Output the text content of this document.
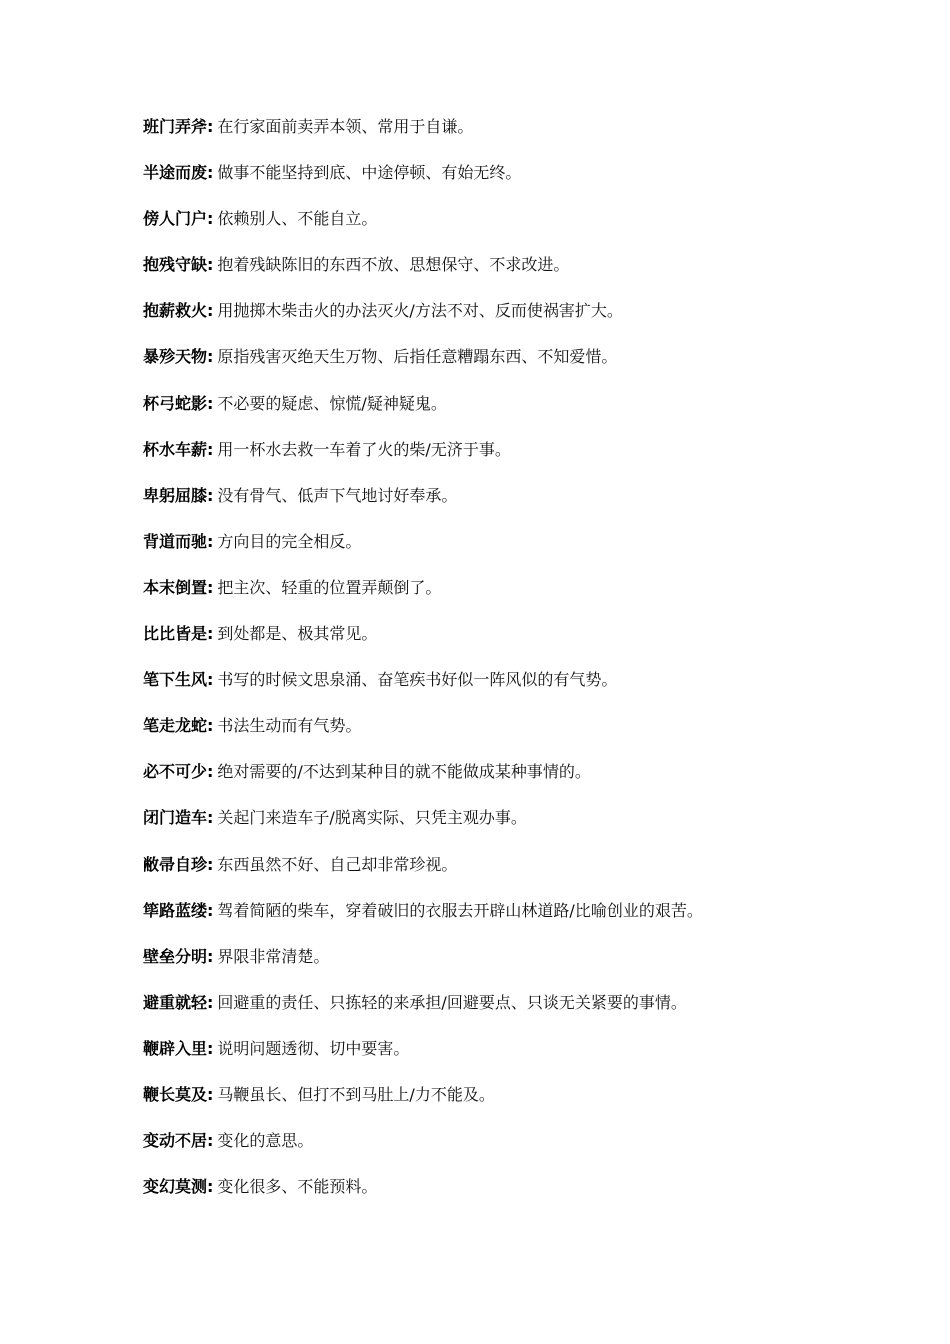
班门弄斧: 在行家面前卖弄本领、常用于自谦。
半途而废: 做事不能坚持到底、中途停顿、有始无终。
傍人门户: 依赖别人、不能自立。
抱残守缺: 抱着残缺陈旧的东西不放、思想保守、不求改进。
抱薪救火: 用抛掷木柴击火的办法灭火/方法不对、反而使祸害扩大。
暴殄天物: 原指残害灭绝天生万物、后指任意糟蹋东西、不知爱惜。
杯弓蛇影: 不必要的疑虑、惊慌/疑神疑鬼。
杯水车薪: 用一杯水去救一车着了火的柴/无济于事。
卑躬屈膝: 没有骨气、低声下气地讨好奉承。
背道而驰: 方向目的完全相反。
本末倒置: 把主次、轻重的位置弄颠倒了。
比比皆是: 到处都是、极其常见。
笔下生风: 书写的时候文思泉涌、奋笔疾书好似一阵风似的有气势。
笔走龙蛇: 书法生动而有气势。
必不可少: 绝对需要的/不达到某种目的就不能做成某种事情的。
闭门造车: 关起门来造车子/脱离实际、只凭主观办事。
敝帚自珍: 东西虽然不好、自己却非常珍视。
筚路蓝缕: 驾着简陋的柴车，穿着破旧的衣服去开辟山林道路/比喻创业的艰苦。
壁垒分明: 界限非常清楚。
避重就轻: 回避重的责任、只拣轻的来承担/回避要点、只谈无关紧要的事情。
鞭辟入里: 说明问题透彻、切中要害。
鞭长莫及: 马鞭虽长、但打不到马肚上/力不能及。
变动不居: 变化的意思。
变幻莫测: 变化很多、不能预料。
